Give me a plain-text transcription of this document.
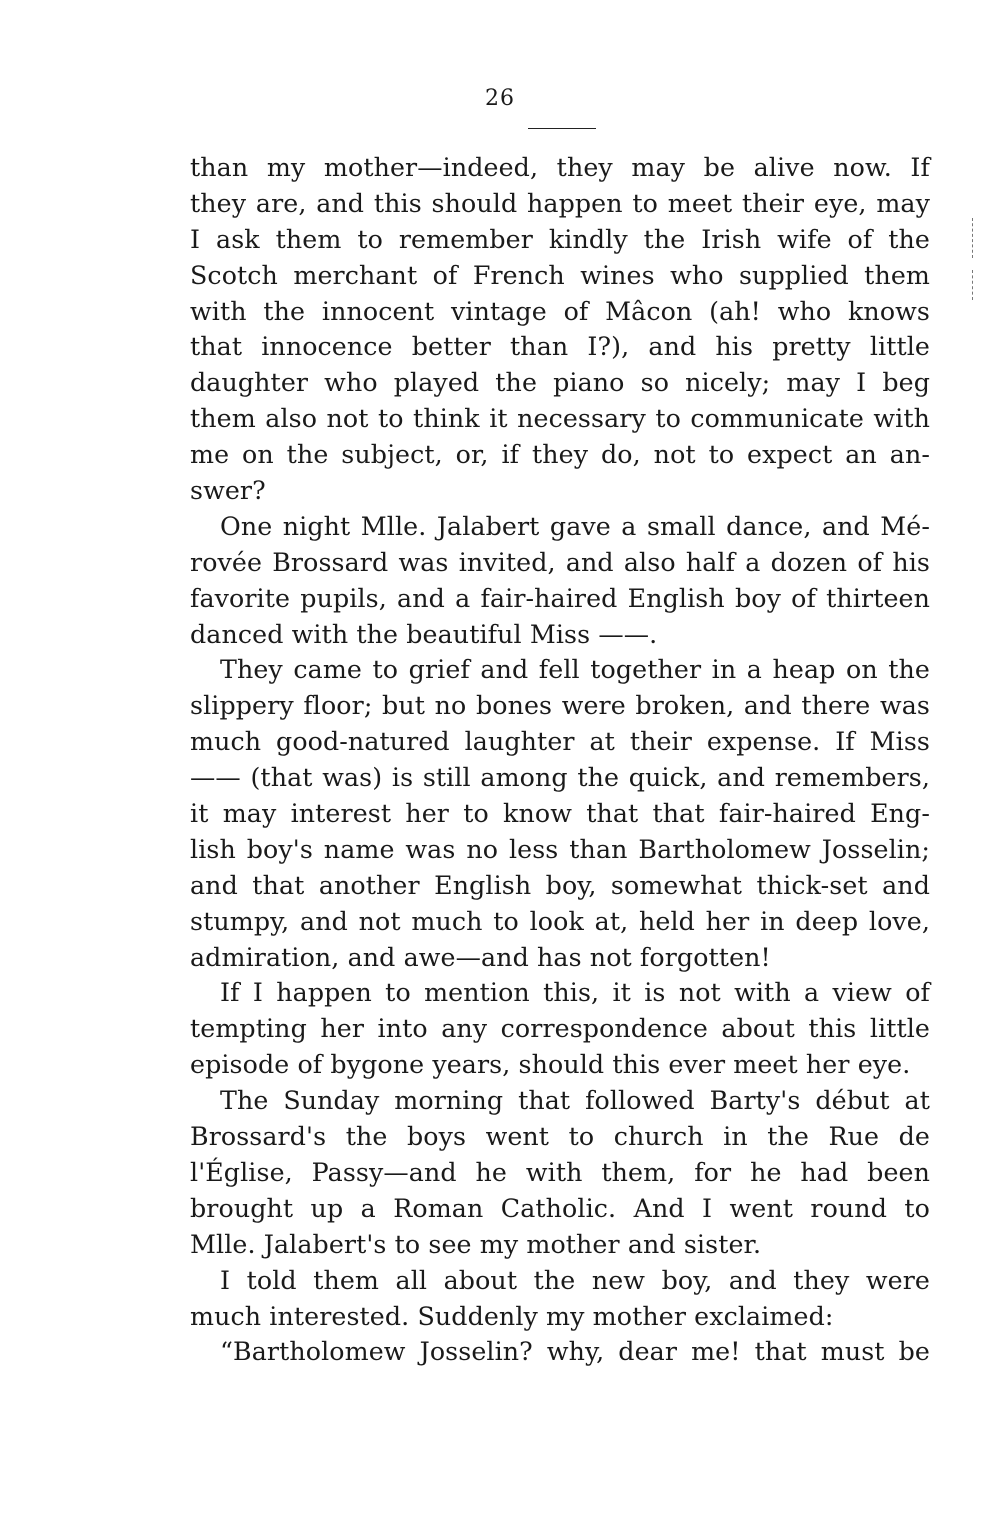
26
than my mother—indeed, they may be alive now. If
they are, and this should happen to meet their eye, may
I ask them to remember kindly the Irish wife of the
Scotch merchant of French wines who supplied them
with the innocent vintage of Mâcon (ah! who knows
that innocence better than I?), and his pretty little
daughter who played the piano so nicely; may I beg
them also not to think it necessary to communicate with
me on the subject, or, if they do, not to expect an an-
swer?
One night Mlle. Jalabert gave a small dance, and Mé-
rovée Brossard was invited, and also half a dozen of his
favorite pupils, and a fair-haired English boy of thirteen
danced with the beautiful Miss ——.
They came to grief and fell together in a heap on the
slippery floor; but no bones were broken, and there was
much good-natured laughter at their expense. If Miss
—— (that was) is still among the quick, and remembers,
it may interest her to know that that fair-haired Eng-
lish boy's name was no less than Bartholomew Josselin;
and that another English boy, somewhat thick-set and
stumpy, and not much to look at, held her in deep love,
admiration, and awe—and has not forgotten!
If I happen to mention this, it is not with a view of
tempting her into any correspondence about this little
episode of bygone years, should this ever meet her eye.
The Sunday morning that followed Barty's début at
Brossard's the boys went to church in the Rue de
l'Église, Passy—and he with them, for he had been
brought up a Roman Catholic. And I went round to
Mlle. Jalabert's to see my mother and sister.
I told them all about the new boy, and they were
much interested. Suddenly my mother exclaimed:
“Bartholomew Josselin? why, dear me! that must be
